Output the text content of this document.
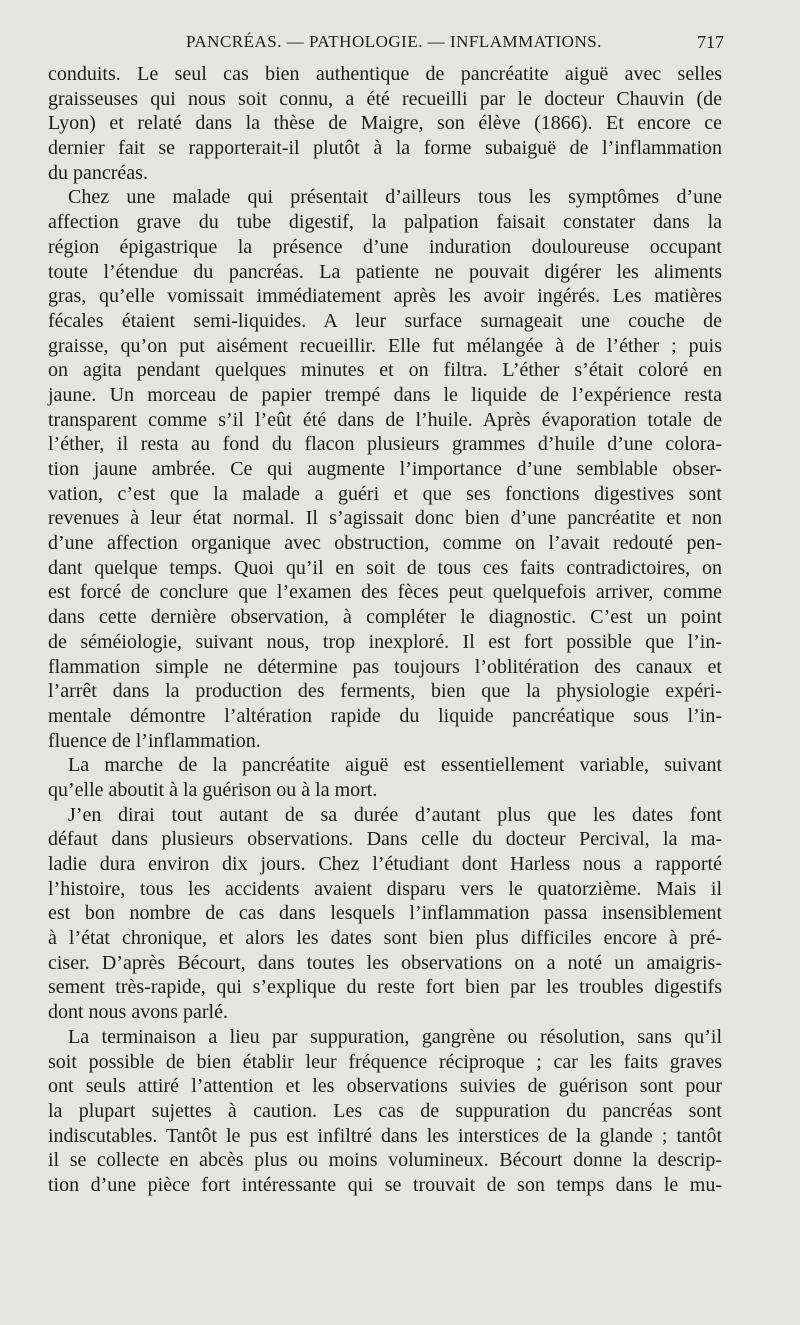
PANCRÉAS. — PATHOLOGIE. — INFLAMMATIONS.	717
conduits. Le seul cas bien authentique de pancréatite aiguë avec selles
graisseuses qui nous soit connu, a été recueilli par le docteur Chauvin (de
Lyon) et relaté dans la thèse de Maigre, son élève (1866). Et encore ce
dernier fait se rapporterait-il plutôt à la forme subaiguë de l’inflammation
du pancréas.
Chez une malade qui présentait d’ailleurs tous les symptômes d’une
affection grave du tube digestif, la palpation faisait constater dans la
région épigastrique la présence d’une induration douloureuse occupant
toute l’étendue du pancréas. La patiente ne pouvait digérer les aliments
gras, qu’elle vomissait immédiatement après les avoir ingérés. Les matières
fécales étaient semi-liquides. A leur surface surnageait une couche de
graisse, qu’on put aisément recueillir. Elle fut mélangée à de l’éther ; puis
on agita pendant quelques minutes et on filtra. L’éther s’était coloré en
jaune. Un morceau de papier trempé dans le liquide de l’expérience resta
transparent comme s’il l’eût été dans de l’huile. Après évaporation totale de
l’éther, il resta au fond du flacon plusieurs grammes d’huile d’une colora-
tion jaune ambrée. Ce qui augmente l’importance d’une semblable obser-
vation, c’est que la malade a guéri et que ses fonctions digestives sont
revenues à leur état normal. Il s’agissait donc bien d’une pancréatite et non
d’une affection organique avec obstruction, comme on l’avait redouté pen-
dant quelque temps. Quoi qu’il en soit de tous ces faits contradictoires, on
est forcé de conclure que l’examen des fèces peut quelquefois arriver, comme
dans cette dernière observation, à compléter le diagnostic. C’est un point
de séméiologie, suivant nous, trop inexploré. Il est fort possible que l’in-
flammation simple ne détermine pas toujours l’oblitération des canaux et
l’arrêt dans la production des ferments, bien que la physiologie expéri-
mentale démontre l’altération rapide du liquide pancréatique sous l’in-
fluence de l’inflammation.
La marche de la pancréatite aiguë est essentiellement variable, suivant
qu’elle aboutit à la guérison ou à la mort.
J’en dirai tout autant de sa durée d’autant plus que les dates font
défaut dans plusieurs observations. Dans celle du docteur Percival, la ma-
ladie dura environ dix jours. Chez l’étudiant dont Harless nous a rapporté
l’histoire, tous les accidents avaient disparu vers le quatorzième. Mais il
est bon nombre de cas dans lesquels l’inflammation passa insensiblement
à l’état chronique, et alors les dates sont bien plus difficiles encore à pré-
ciser. D’après Bécourt, dans toutes les observations on a noté un amaigris-
sement très-rapide, qui s’explique du reste fort bien par les troubles digestifs
dont nous avons parlé.
La terminaison a lieu par suppuration, gangrène ou résolution, sans qu’il
soit possible de bien établir leur fréquence réciproque ; car les faits graves
ont seuls attiré l’attention et les observations suivies de guérison sont pour
la plupart sujettes à caution. Les cas de suppuration du pancréas sont
indiscutables. Tantôt le pus est infiltré dans les interstices de la glande ; tantôt
il se collecte en abcès plus ou moins volumineux. Bécourt donne la descrip-
tion d’une pièce fort intéressante qui se trouvait de son temps dans le mu-
